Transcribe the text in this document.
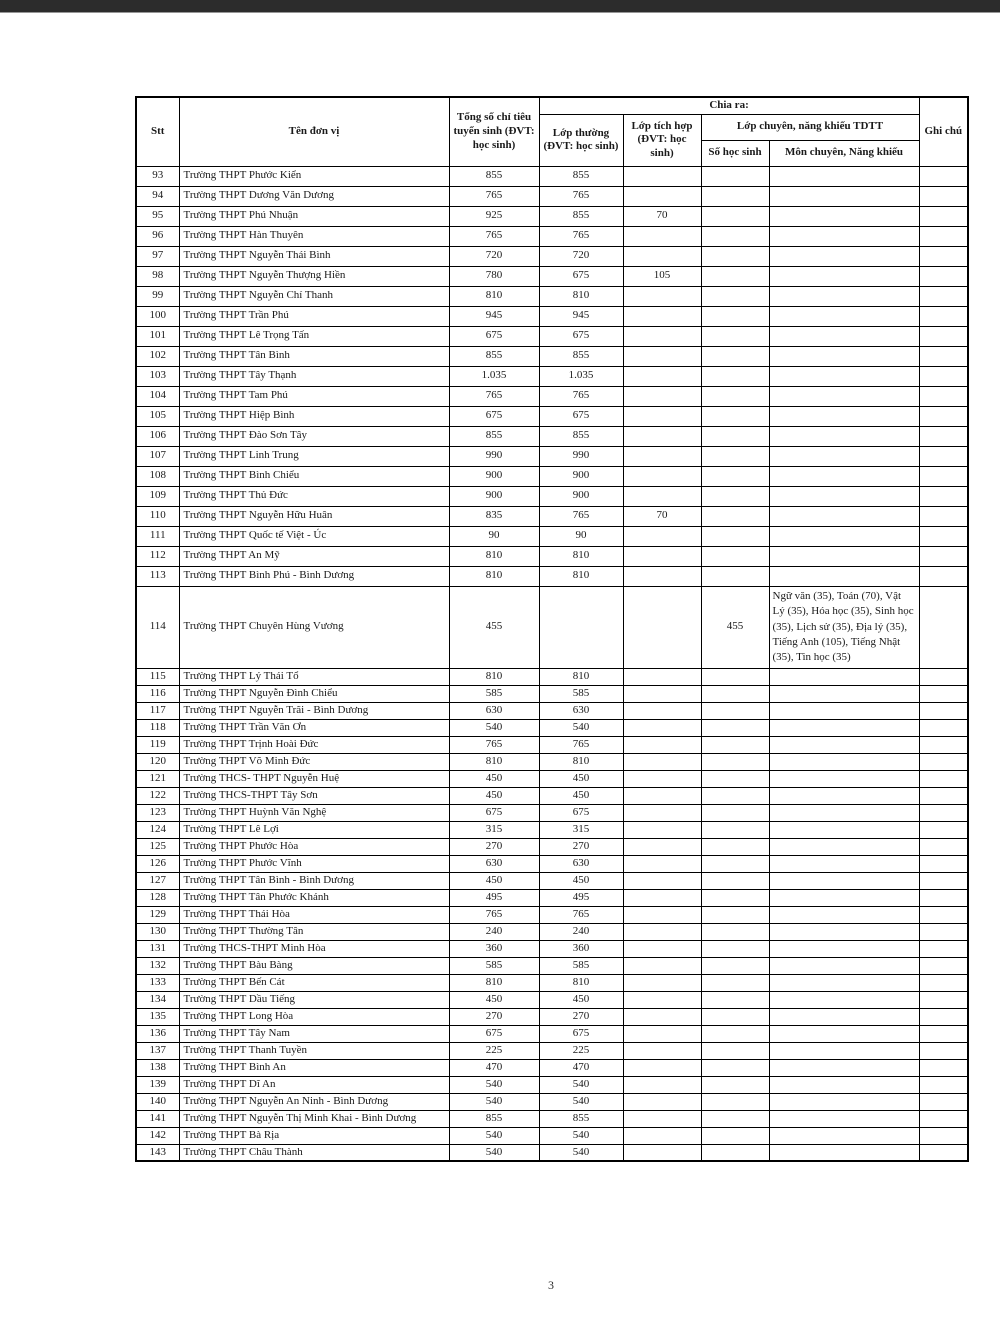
Stt	Tên đơn vị	Tổng số chỉ tiêu tuyển sinh (ĐVT: học sinh)	Chia ra:				Ghi chú
			Lớp thường (ĐVT: học sinh)	Lớp tích hợp (ĐVT: học sinh)	Lớp chuyên, năng khiếu TDTT		
					Số học sinh	Môn chuyên, Năng khiếu	
93	Trường THPT Phước Kiển	855	855				
94	Trường THPT Dương Văn Dương	765	765				
95	Trường THPT Phú Nhuận	925	855	70			
96	Trường THPT Hàn Thuyên	765	765				
97	Trường THPT Nguyễn Thái Bình	720	720				
98	Trường THPT Nguyễn Thượng Hiền	780	675	105			
99	Trường THPT Nguyễn Chí Thanh	810	810				
100	Trường THPT Trần Phú	945	945				
101	Trường THPT Lê Trọng Tấn	675	675				
102	Trường THPT Tân Bình	855	855				
103	Trường THPT Tây Thạnh	1.035	1.035				
104	Trường THPT Tam Phú	765	765				
105	Trường THPT Hiệp Bình	675	675				
106	Trường THPT Đào Sơn Tây	855	855				
107	Trường THPT Linh Trung	990	990				
108	Trường THPT Bình Chiểu	900	900				
109	Trường THPT Thủ Đức	900	900				
110	Trường THPT Nguyễn Hữu Huân	835	765	70			
111	Trường THPT Quốc tế Việt - Úc	90	90				
112	Trường THPT An Mỹ	810	810				
113	Trường THPT Bình Phú - Bình Dương	810	810				
114	Trường THPT Chuyên Hùng Vương	455			455	Ngữ văn (35), Toán (70), Vật Lý (35), Hóa học (35), Sinh học (35), Lịch sử (35), Địa lý (35), Tiếng Anh (105), Tiếng Nhật (35), Tin học (35)	
115	Trường THPT Lý Thái Tổ	810	810				
116	Trường THPT Nguyễn Đình Chiểu	585	585				
117	Trường THPT Nguyễn Trãi - Bình Dương	630	630				
118	Trường THPT Trần Văn Ơn	540	540				
119	Trường THPT Trịnh Hoài Đức	765	765				
120	Trường THPT Võ Minh Đức	810	810				
121	Trường THCS- THPT Nguyễn Huệ	450	450				
122	Trường THCS-THPT Tây Sơn	450	450				
123	Trường THPT Huỳnh Văn Nghệ	675	675				
124	Trường THPT Lê Lợi	315	315				
125	Trường THPT Phước Hòa	270	270				
126	Trường THPT Phước Vĩnh	630	630				
127	Trường THPT Tân Bình - Bình Dương	450	450				
128	Trường THPT Tân Phước Khánh	495	495				
129	Trường THPT Thái Hòa	765	765				
130	Trường THPT Thường Tân	240	240				
131	Trường THCS-THPT Minh Hòa	360	360				
132	Trường THPT Bàu Bàng	585	585				
133	Trường THPT Bến Cát	810	810				
134	Trường THPT Dầu Tiếng	450	450				
135	Trường THPT Long Hòa	270	270				
136	Trường THPT Tây Nam	675	675				
137	Trường THPT Thanh Tuyền	225	225				
138	Trường THPT Bình An	470	470				
139	Trường THPT Dĩ An	540	540				
140	Trường THPT Nguyễn An Ninh - Bình Dương	540	540				
141	Trường THPT Nguyễn Thị Minh Khai - Bình Dương	855	855				
142	Trường THPT Bà Rịa	540	540				
143	Trường THPT Châu Thành	540	540				
3
